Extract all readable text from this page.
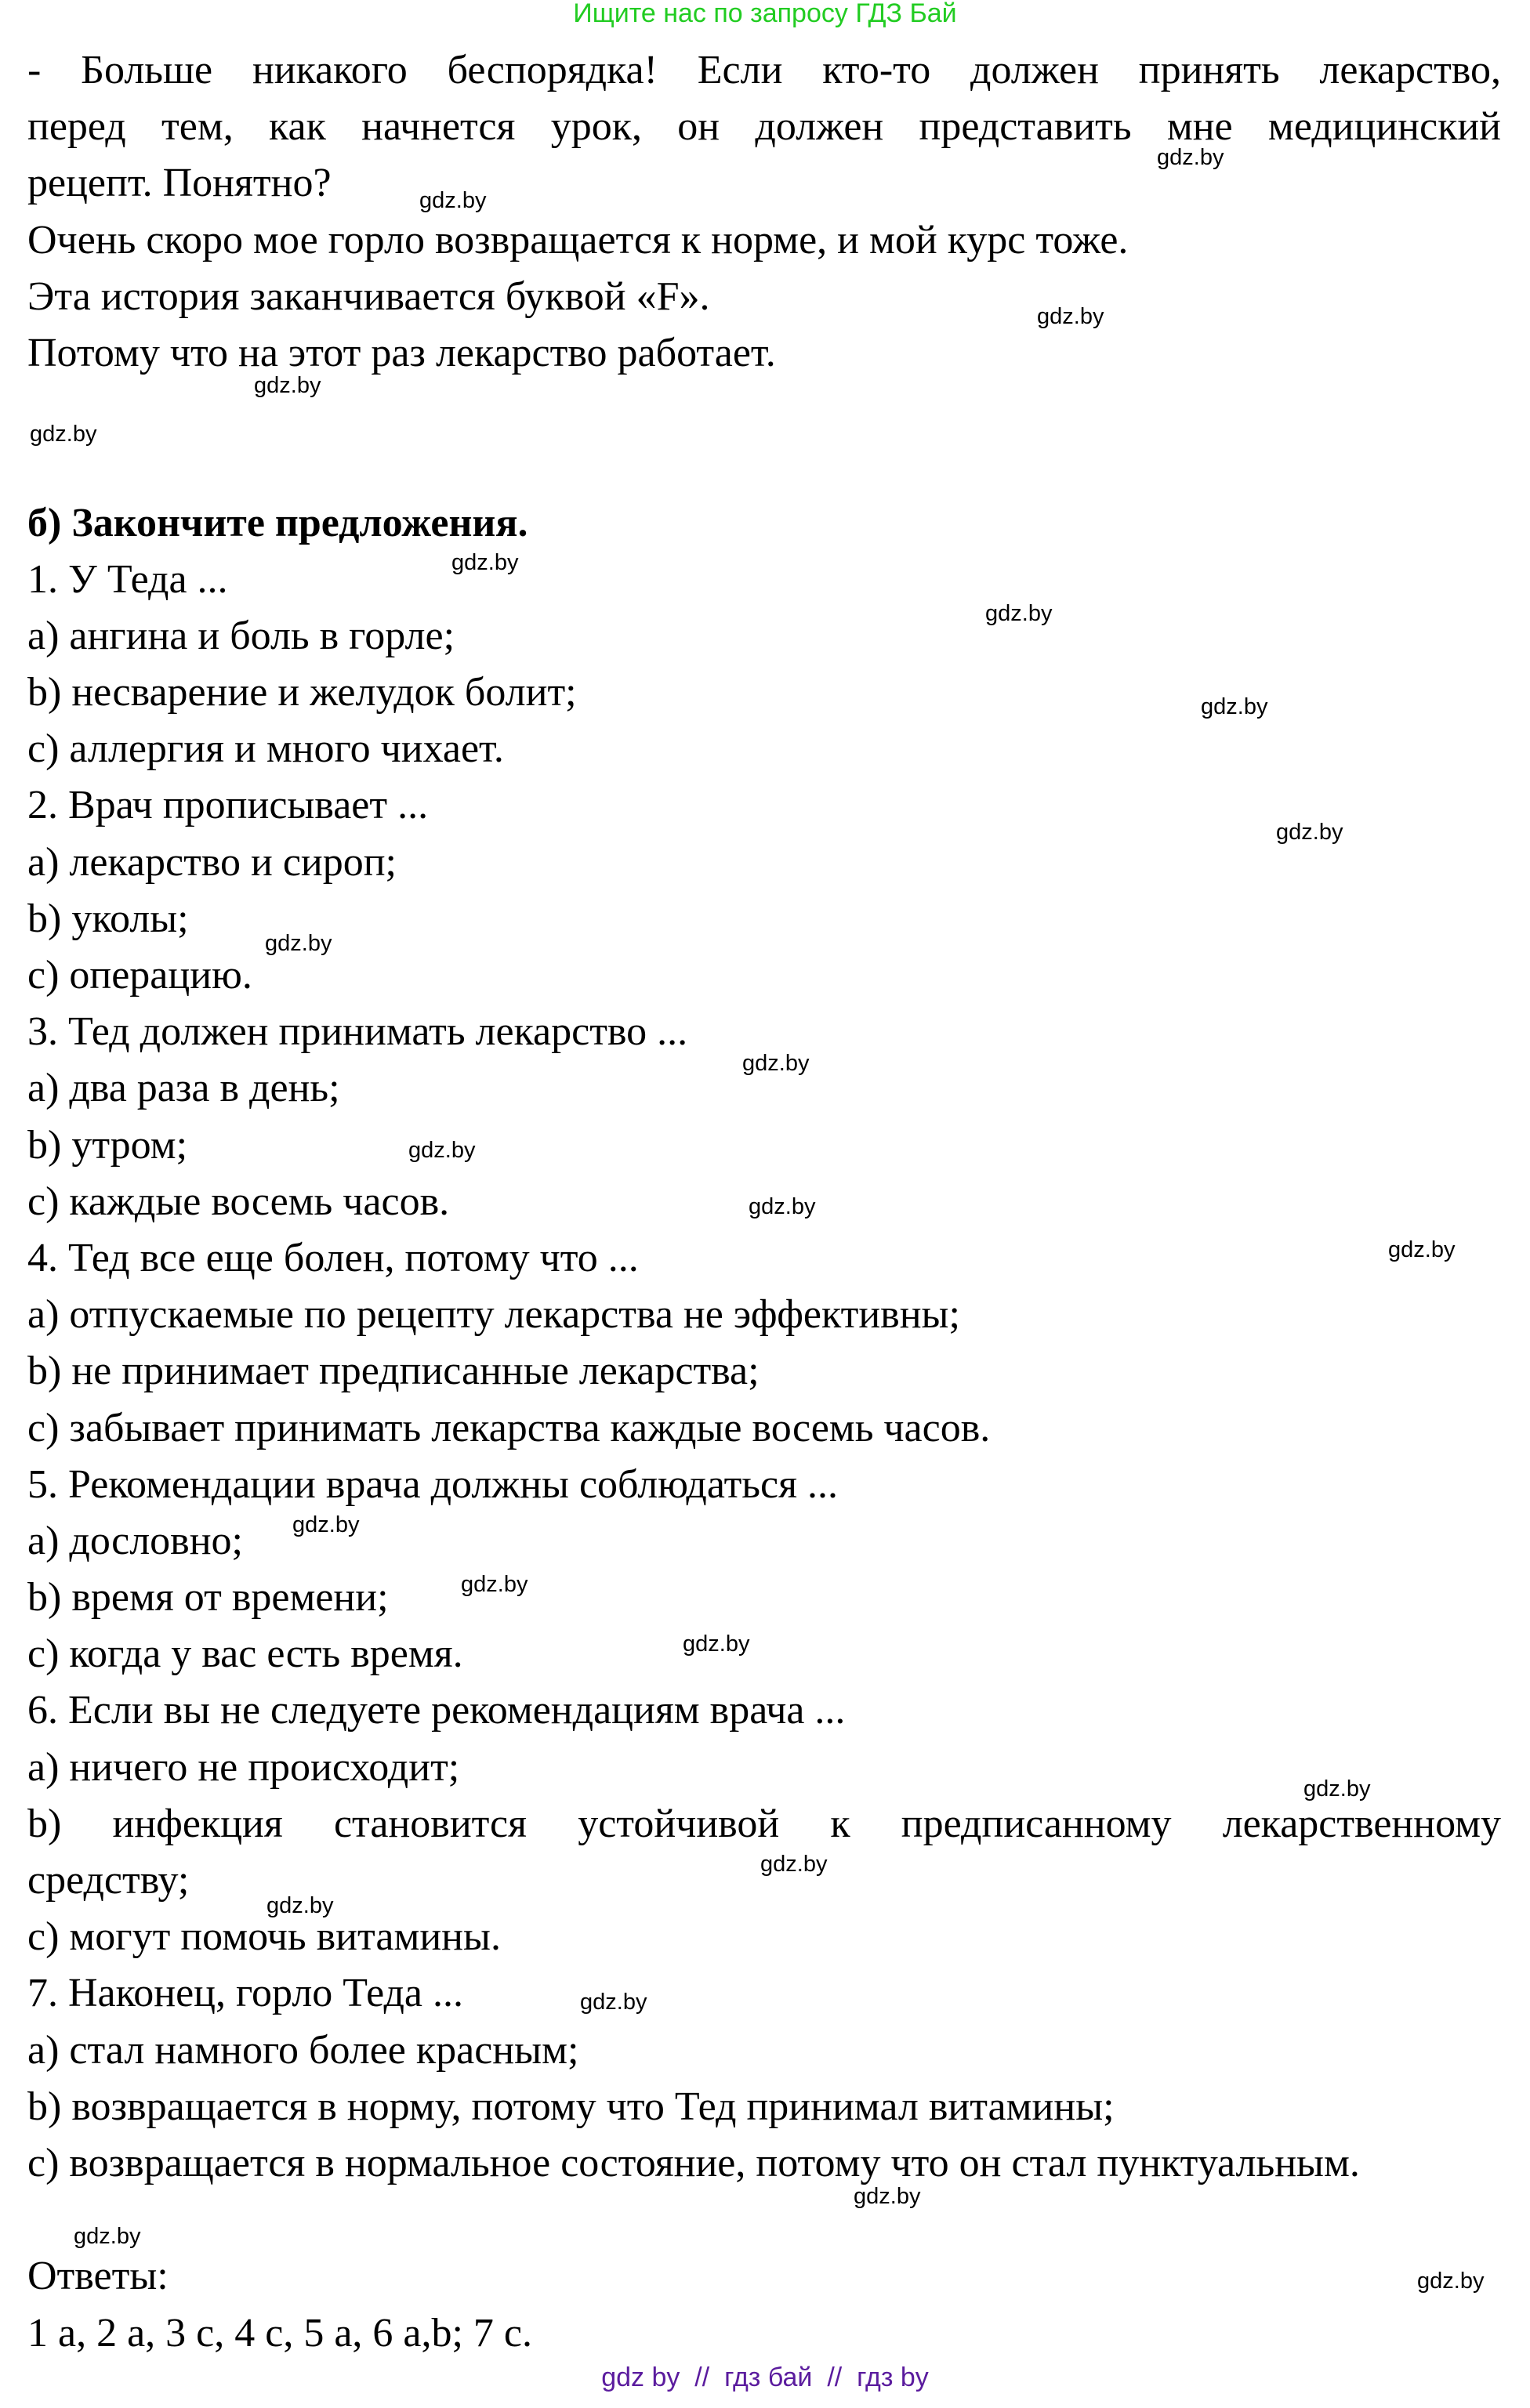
Ищите нас по запросу ГДЗ Бай
- Больше никакого беспорядка! Если кто-то должен принять лекарство,
перед тем, как начнется урок, он должен представить мне медицинский
рецепт. Понятно?
Очень скоро мое горло возвращается к норме, и мой курс тоже.
Эта история заканчивается буквой «F».
Потому что на этот раз лекарство работает.
б) Закончите предложения.
1. У Теда ...
a) ангина и боль в горле;
b) несварение и желудок болит;
c) аллергия и много чихает.
2. Врач прописывает ...
a) лекарство и сироп;
b) уколы;
c) операцию.
3. Тед должен принимать лекарство ...
a) два раза в день;
b) утром;
c) каждые восемь часов.
4. Тед все еще болен, потому что ...
a) отпускаемые по рецепту лекарства не эффективны;
b) не принимает предписанные лекарства;
c) забывает принимать лекарства каждые восемь часов.
5. Рекомендации врача должны соблюдаться ...
a) дословно;
b) время от времени;
c) когда у вас есть время.
6. Если вы не следуете рекомендациям врача ...
a) ничего не происходит;
b) инфекция становится устойчивой к предписанному лекарственному
средству;
c) могут помочь витамины.
7. Наконец, горло Теда ...
a) стал намного более красным;
b) возвращается в норму, потому что Тед принимал витамины;
c) возвращается в нормальное состояние, потому что он стал пунктуальным.
Ответы:
1 a, 2 a, 3 c, 4 c, 5 a, 6 a,b; 7 c.
gdz.by
gdz.by
gdz.by
gdz.by
gdz.by
gdz.by
gdz.by
gdz.by
gdz.by
gdz.by
gdz.by
gdz.by
gdz.by
gdz.by
gdz.by
gdz.by
gdz.by
gdz.by
gdz.by
gdz.by
gdz.by
gdz.by
gdz.by
gdz.by
gdz by  //  гдз бай  //  гдз by
